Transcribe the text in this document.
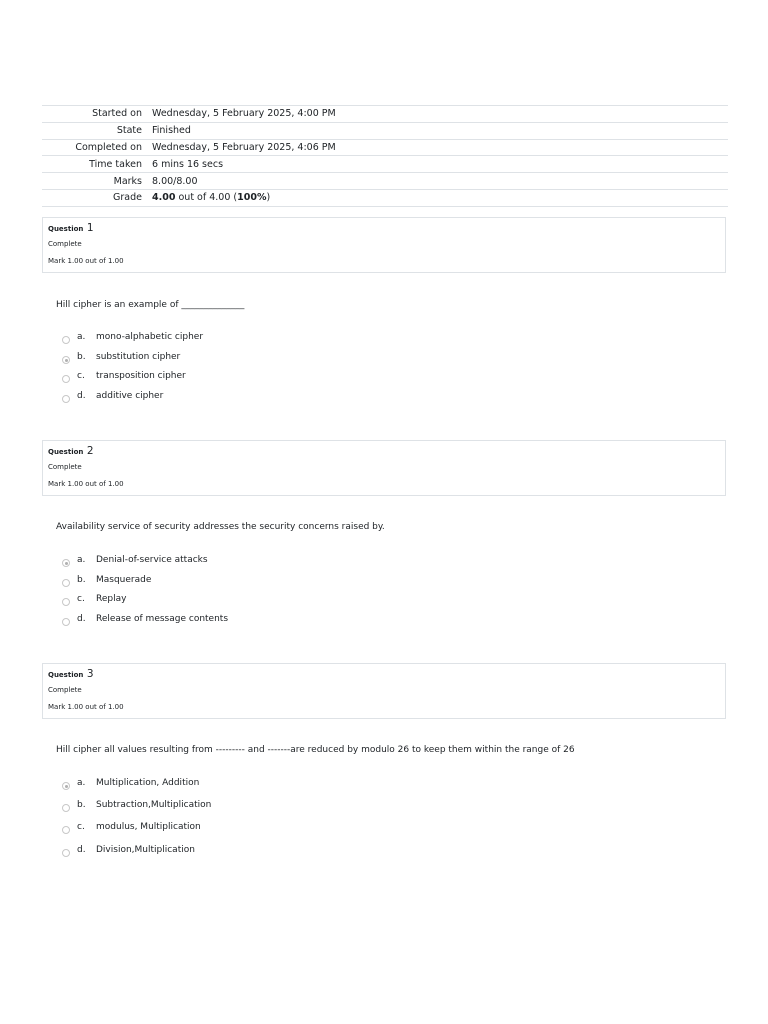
Started on	Wednesday, 5 February 2025, 4:00 PM
State	Finished
Completed on	Wednesday, 5 February 2025, 4:06 PM
Time taken	6 mins 16 secs
Marks	8.00/8.00
Grade	4.00 out of 4.00 (100%)
Question 1
Complete
Mark 1.00 out of 1.00
Hill cipher is an example of ______________
a. mono-alphabetic cipher
b. substitution cipher
c. transposition cipher
d. additive cipher
Question 2
Complete
Mark 1.00 out of 1.00
Availability service of security addresses the security concerns raised by.
a. Denial-of-service attacks
b. Masquerade
c. Replay
d. Release of message contents
Question 3
Complete
Mark 1.00 out of 1.00
Hill cipher all values resulting from --------- and -------are reduced by modulo 26 to keep them within the range of 26
a. Multiplication, Addition
b. Subtraction,Multiplication
c. modulus, Multiplication
d. Division,Multiplication
